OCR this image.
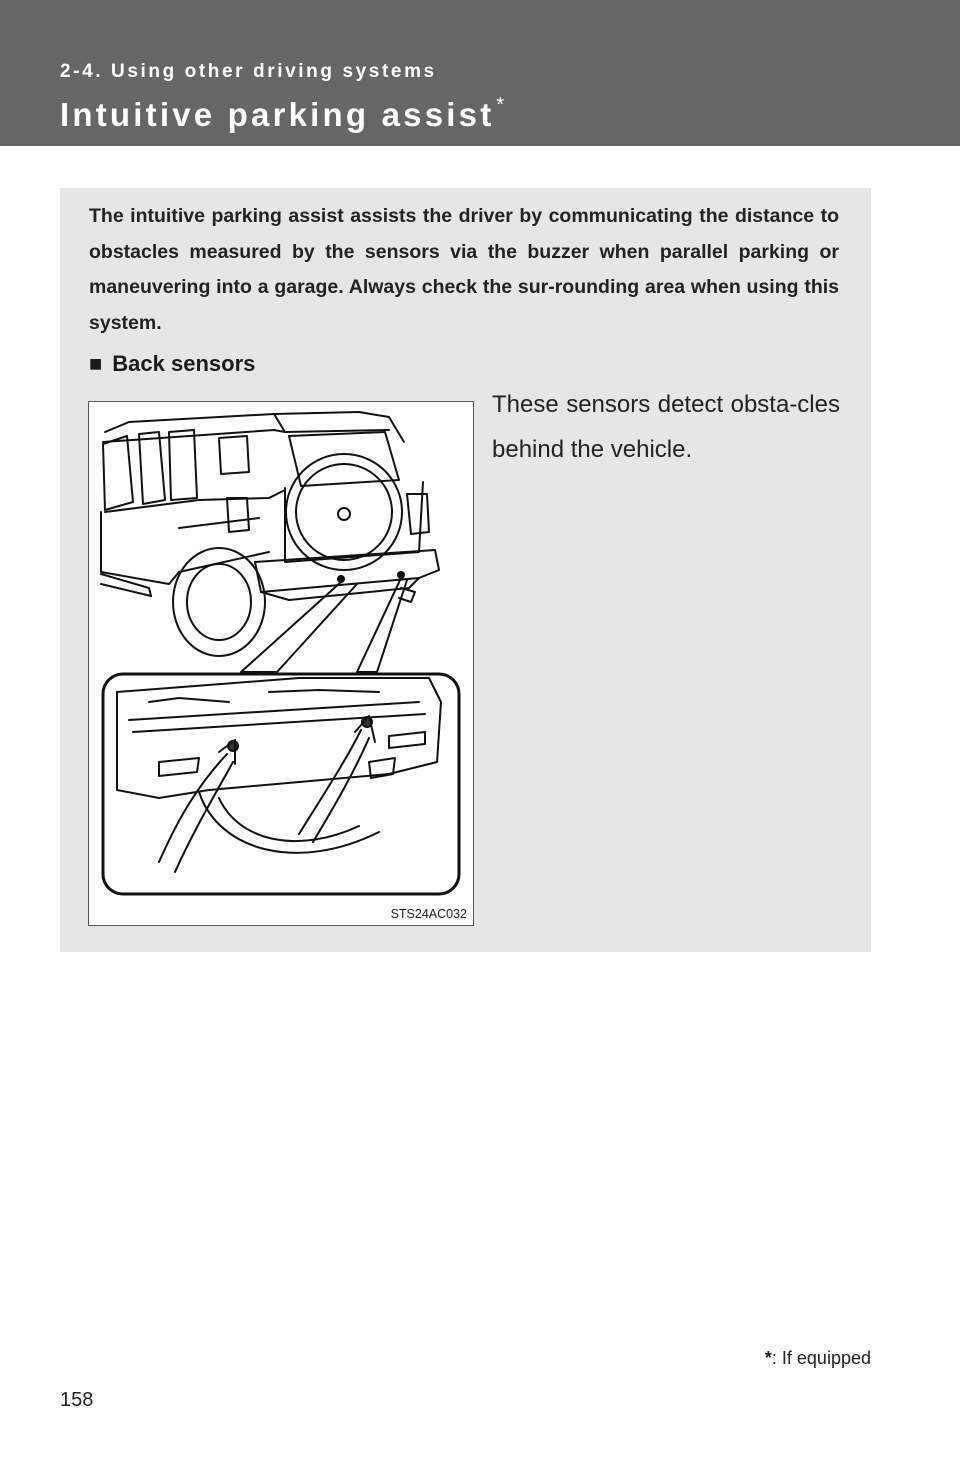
2-4. Using other driving systems
Intuitive parking assist *

The intuitive parking assist assists the driver by communicating the distance to obstacles measured by the sensors via the buzzer when parallel parking or maneuvering into a garage. Always check the sur-rounding area when using this system.

■ Back sensors
STS24AC032

These sensors detect obsta-cles behind the vehicle.

*: If equipped
158
